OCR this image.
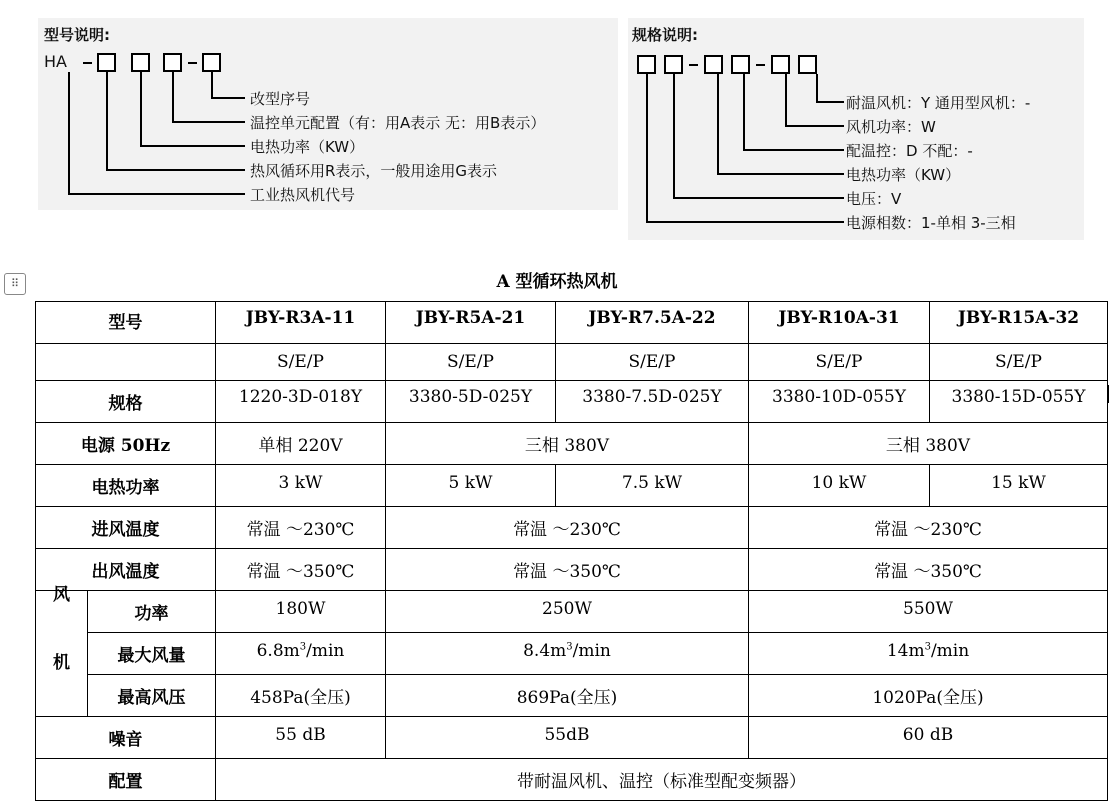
型号说明:
HA
改型序号
温控单元配置（有：用A表示 无：用B表示）
电热功率（KW）
热风循环用R表示，一般用途用G表示
工业热风机代号
规格说明:
耐温风机：Y 通用型风机：-
风机功率：W
配温控：D 不配：-
电热功率（KW）
电压：V
电源相数：1-单相 3-三相
⠿	A 型循环热风机
型号		JBY-R3A-11	JBY-R5A-21	JBY-R7.5A-22	JBY-R10A-31	JBY-R15A-32
		S/E/P	S/E/P	S/E/P	S/E/P	S/E/P
规格		1220-3D-018Y	3380-5D-025Y	3380-7.5D-025Y	3380-10D-055Y	3380-15D-055Y
电源 50Hz		单相 220V	三相 380V		三相 380V	
电热功率		3 kW	5 kW	7.5 kW	10 kW	15 kW
进风温度		常温 ～230℃	常温 ～230℃		常温 ～230℃	
出风温度		常温 ～350℃	常温 ～350℃		常温 ～350℃	

风
机	功率	180W	250W		550W	
	最大风量	$6.8m^3/\min$	$8.4m^3/\min$		$14m^3/\min$	
	最高风压	458Pa(全压)	869Pa(全压)		1020Pa(全压)	
噪音		55 dB	55dB		60 dB	
配置		带耐温风机、温控（标准型配变频器）				
